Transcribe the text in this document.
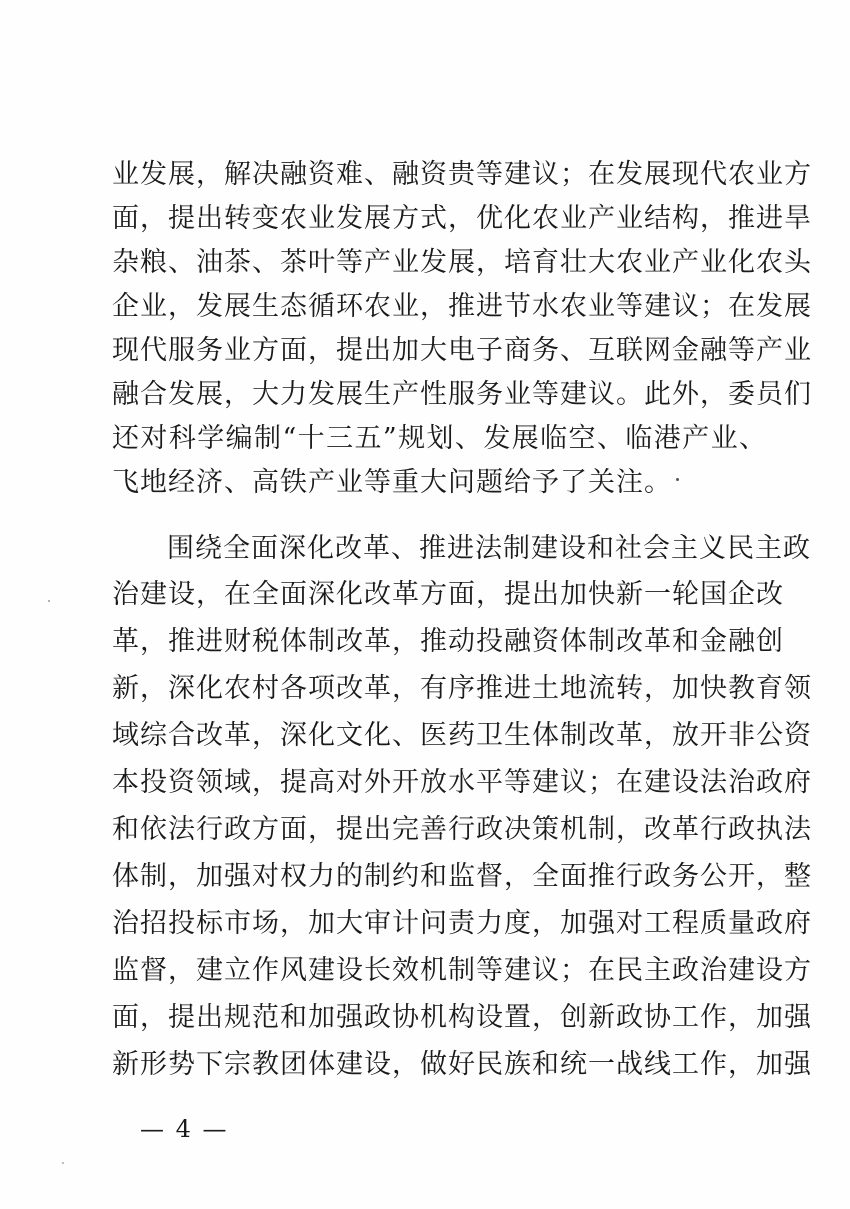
业发展，解决融资难、融资贵等建议；在发展现代农业方
面，提出转变农业发展方式，优化农业产业结构，推进旱
杂粮、油茶、茶叶等产业发展，培育壮大农业产业化农头
企业，发展生态循环农业，推进节水农业等建议；在发展
现代服务业方面，提出加大电子商务、互联网金融等产业
融合发展，大力发展生产性服务业等建议。此外，委员们
还对科学编制“十三五”规划、发展临空、临港产业、
飞地经济、高铁产业等重大问题给予了关注。
围绕全面深化改革、推进法制建设和社会主义民主政
治建设，在全面深化改革方面，提出加快新一轮国企改
革，推进财税体制改革，推动投融资体制改革和金融创
新，深化农村各项改革，有序推进土地流转，加快教育领
域综合改革，深化文化、医药卫生体制改革，放开非公资
本投资领域，提高对外开放水平等建议；在建设法治政府
和依法行政方面，提出完善行政决策机制，改革行政执法
体制，加强对权力的制约和监督，全面推行政务公开，整
治招投标市场，加大审计问责力度，加强对工程质量政府
监督，建立作风建设长效机制等建议；在民主政治建设方
面，提出规范和加强政协机构设置，创新政协工作，加强
新形势下宗教团体建设，做好民族和统一战线工作，加强
— 4 —
